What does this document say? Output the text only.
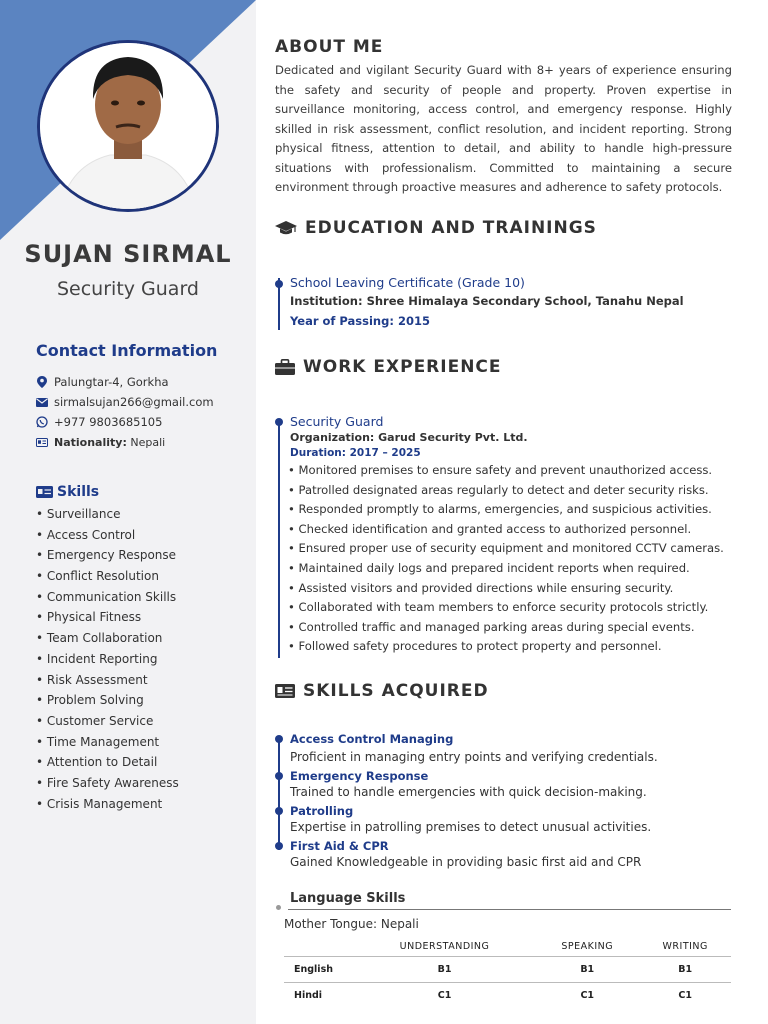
SUJAN SIRMAL
Security Guard
Contact Information
Palungtar-4, Gorkha
sirmalsujan266@gmail.com
+977 9803685105
Nationality: Nepali
Skills
• Surveillance
• Access Control
• Emergency Response
• Conflict Resolution
• Communication Skills
• Physical Fitness
• Team Collaboration
• Incident Reporting
• Risk Assessment
• Problem Solving
• Customer Service
• Time Management
• Attention to Detail
• Fire Safety Awareness
• Crisis Management
ABOUT ME
Dedicated and vigilant Security Guard with 8+ years of experience ensuring the safety and security of people and property. Proven expertise in surveillance monitoring, access control, and emergency response. Highly skilled in risk assessment, conflict resolution, and incident reporting. Strong physical fitness, attention to detail, and ability to handle high-pressure situations with professionalism. Committed to maintaining a secure environment through proactive measures and adherence to safety protocols.
EDUCATION AND TRAININGS
School Leaving Certificate (Grade 10)
Institution: Shree Himalaya Secondary School, Tanahu Nepal
Year of Passing: 2015
WORK EXPERIENCE
Security Guard
Organization: Garud Security Pvt. Ltd.
Duration: 2017 – 2025
• Monitored premises to ensure safety and prevent unauthorized access.
• Patrolled designated areas regularly to detect and deter security risks.
• Responded promptly to alarms, emergencies, and suspicious activities.
• Checked identification and granted access to authorized personnel.
• Ensured proper use of security equipment and monitored CCTV cameras.
• Maintained daily logs and prepared incident reports when required.
• Assisted visitors and provided directions while ensuring security.
• Collaborated with team members to enforce security protocols strictly.
• Controlled traffic and managed parking areas during special events.
• Followed safety procedures to protect property and personnel.
SKILLS ACQUIRED
Access Control Managing
Proficient in managing entry points and verifying credentials.
Emergency Response
Trained to handle emergencies with quick decision-making.
Patrolling
Expertise in patrolling premises to detect unusual activities.
First Aid & CPR
Gained Knowledgeable in providing basic first aid and CPR
Language Skills
Mother Tongue: Nepali
	UNDERSTANDING	SPEAKING	WRITING
English	B1	B1	B1
Hindi	C1	C1	C1
